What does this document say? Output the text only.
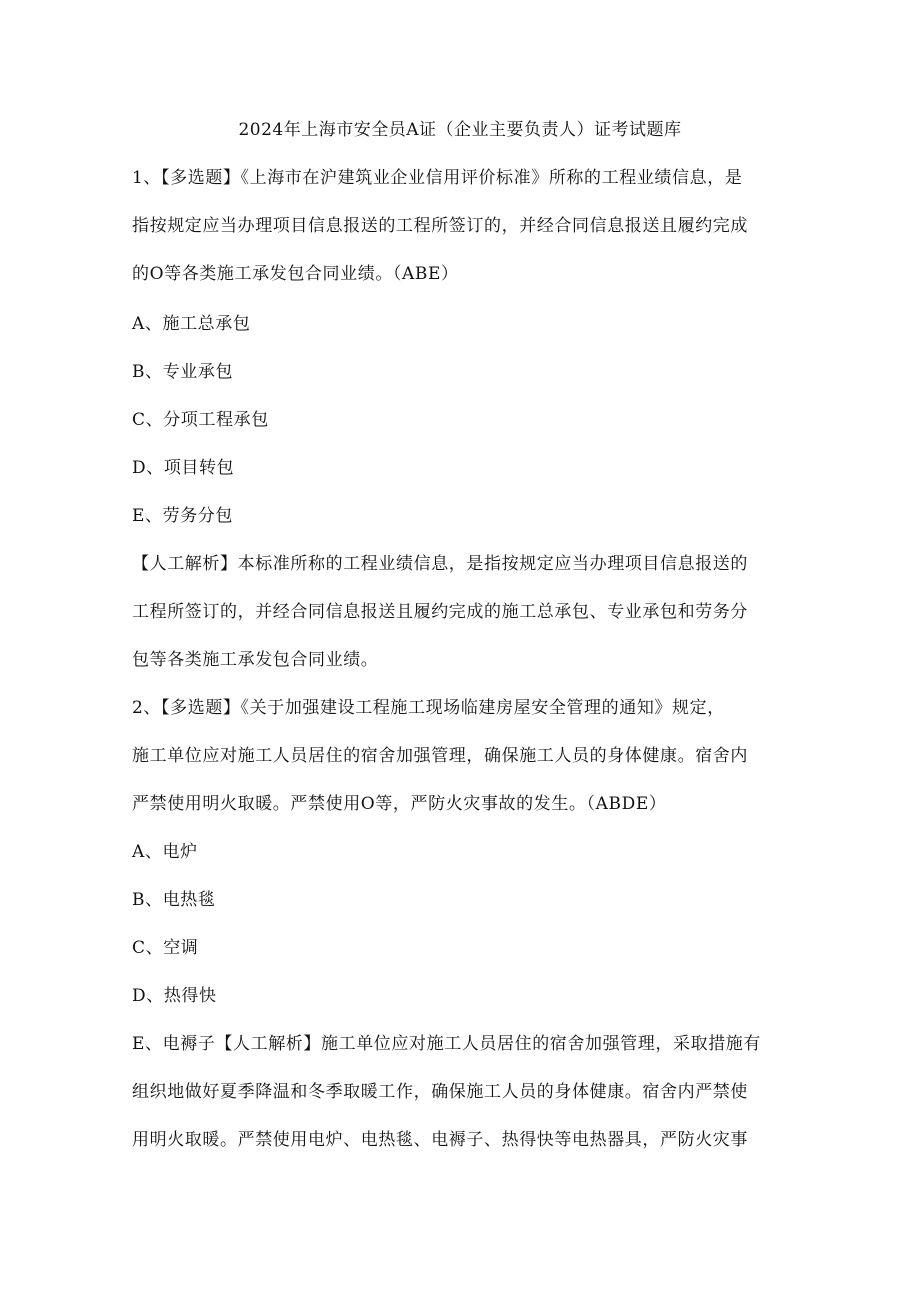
2024年上海市安全员A证（企业主要负责人）证考试题库
1、【多选题】《上海市在沪建筑业企业信用评价标准》所称的工程业绩信息，是
指按规定应当办理项目信息报送的工程所签订的，并经合同信息报送且履约完成
的O等各类施工承发包合同业绩。（ABE）
A、施工总承包
B、专业承包
C、分项工程承包
D、项目转包
E、劳务分包
【人工解析】本标准所称的工程业绩信息，是指按规定应当办理项目信息报送的
工程所签订的，并经合同信息报送且履约完成的施工总承包、专业承包和劳务分
包等各类施工承发包合同业绩。
2、【多选题】《关于加强建设工程施工现场临建房屋安全管理的通知》规定，
施工单位应对施工人员居住的宿舍加强管理，确保施工人员的身体健康。宿舍内
严禁使用明火取暖。严禁使用O等，严防火灾事故的发生。（ABDE）
A、电炉
B、电热毯
C、空调
D、热得快
E、电褥子【人工解析】施工单位应对施工人员居住的宿舍加强管理，采取措施有
组织地做好夏季降温和冬季取暖工作，确保施工人员的身体健康。宿舍内严禁使
用明火取暖。严禁使用电炉、电热毯、电褥子、热得快等电热器具，严防火灾事
